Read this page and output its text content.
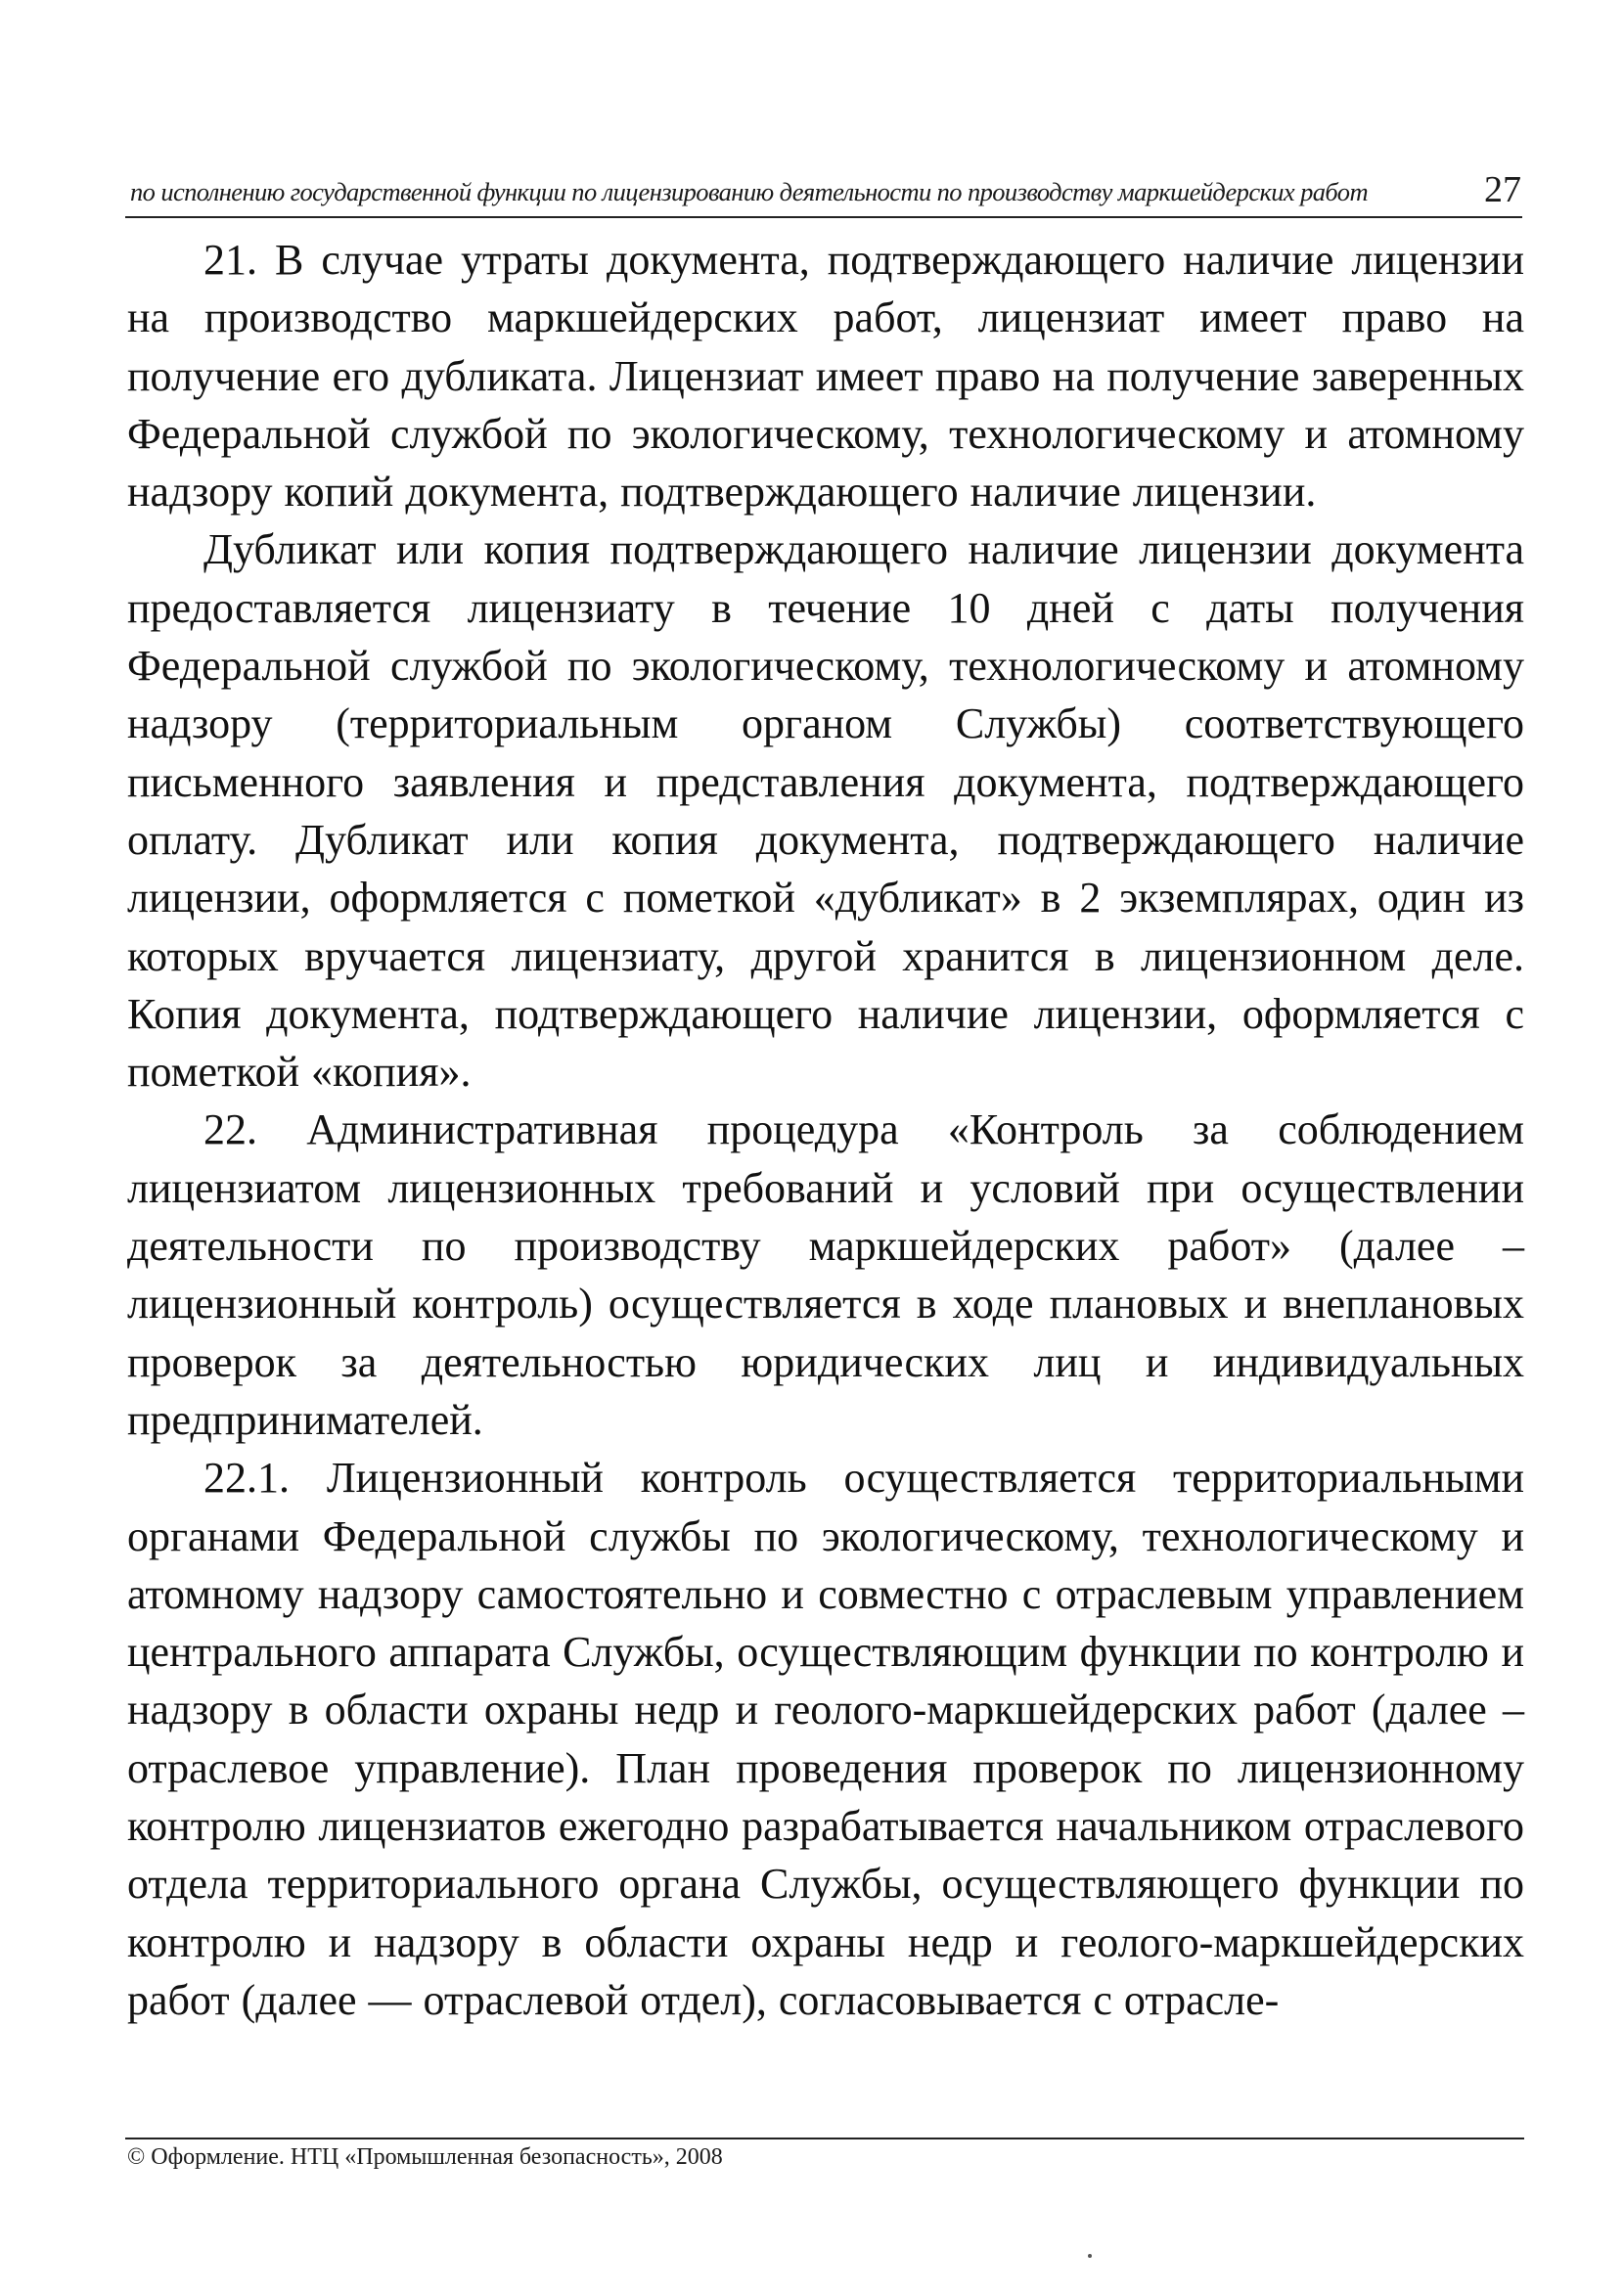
по исполнению государственной функции по лицензированию деятельности по производству маркшейдерских работ	27

21. В случае утраты документа, подтверждающего наличие лицензии на производство маркшейдерских работ, лицензиат имеет право на получение его дубликата. Лицензиат имеет право на получение заверенных Федеральной службой по экологическому, технологическому и атомному надзору копий документа, подтверждающего наличие лицензии.

Дубликат или копия подтверждающего наличие лицензии документа предоставляется лицензиату в течение 10 дней с даты получения Федеральной службой по экологическому, технологическому и атомному надзору (территориальным органом Службы) соответствующего письменного заявления и представления документа, подтверждающего оплату. Дубликат или копия документа, подтверждающего наличие лицензии, оформляется с пометкой «дубликат» в 2 экземплярах, один из которых вручается лицензиату, другой хранится в лицензионном деле. Копия документа, подтверждающего наличие лицензии, оформляется с пометкой «копия».

22. Административная процедура «Контроль за соблюдением лицензиатом лицензионных требований и условий при осуществлении деятельности по производству маркшейдерских работ» (далее – лицензионный контроль) осуществляется в ходе плановых и внеплановых проверок за деятельностью юридических лиц и индивидуальных предпринимателей.

22.1. Лицензионный контроль осуществляется территориальными органами Федеральной службы по экологическому, технологическому и атомному надзору самостоятельно и совместно с отраслевым управлением центрального аппарата Службы, осуществляющим функции по контролю и надзору в области охраны недр и геолого-маркшейдерских работ (далее – отраслевое управление). План проведения проверок по лицензионному контролю лицензиатов ежегодно разрабатывается начальником отраслевого отдела территориального органа Службы, осуществляющего функции по контролю и надзору в области охраны недр и геолого-маркшейдерских работ (далее — отраслевой отдел), согласовывается с отрасле-

© Оформление. НТЦ «Промышленная безопасность», 2008
